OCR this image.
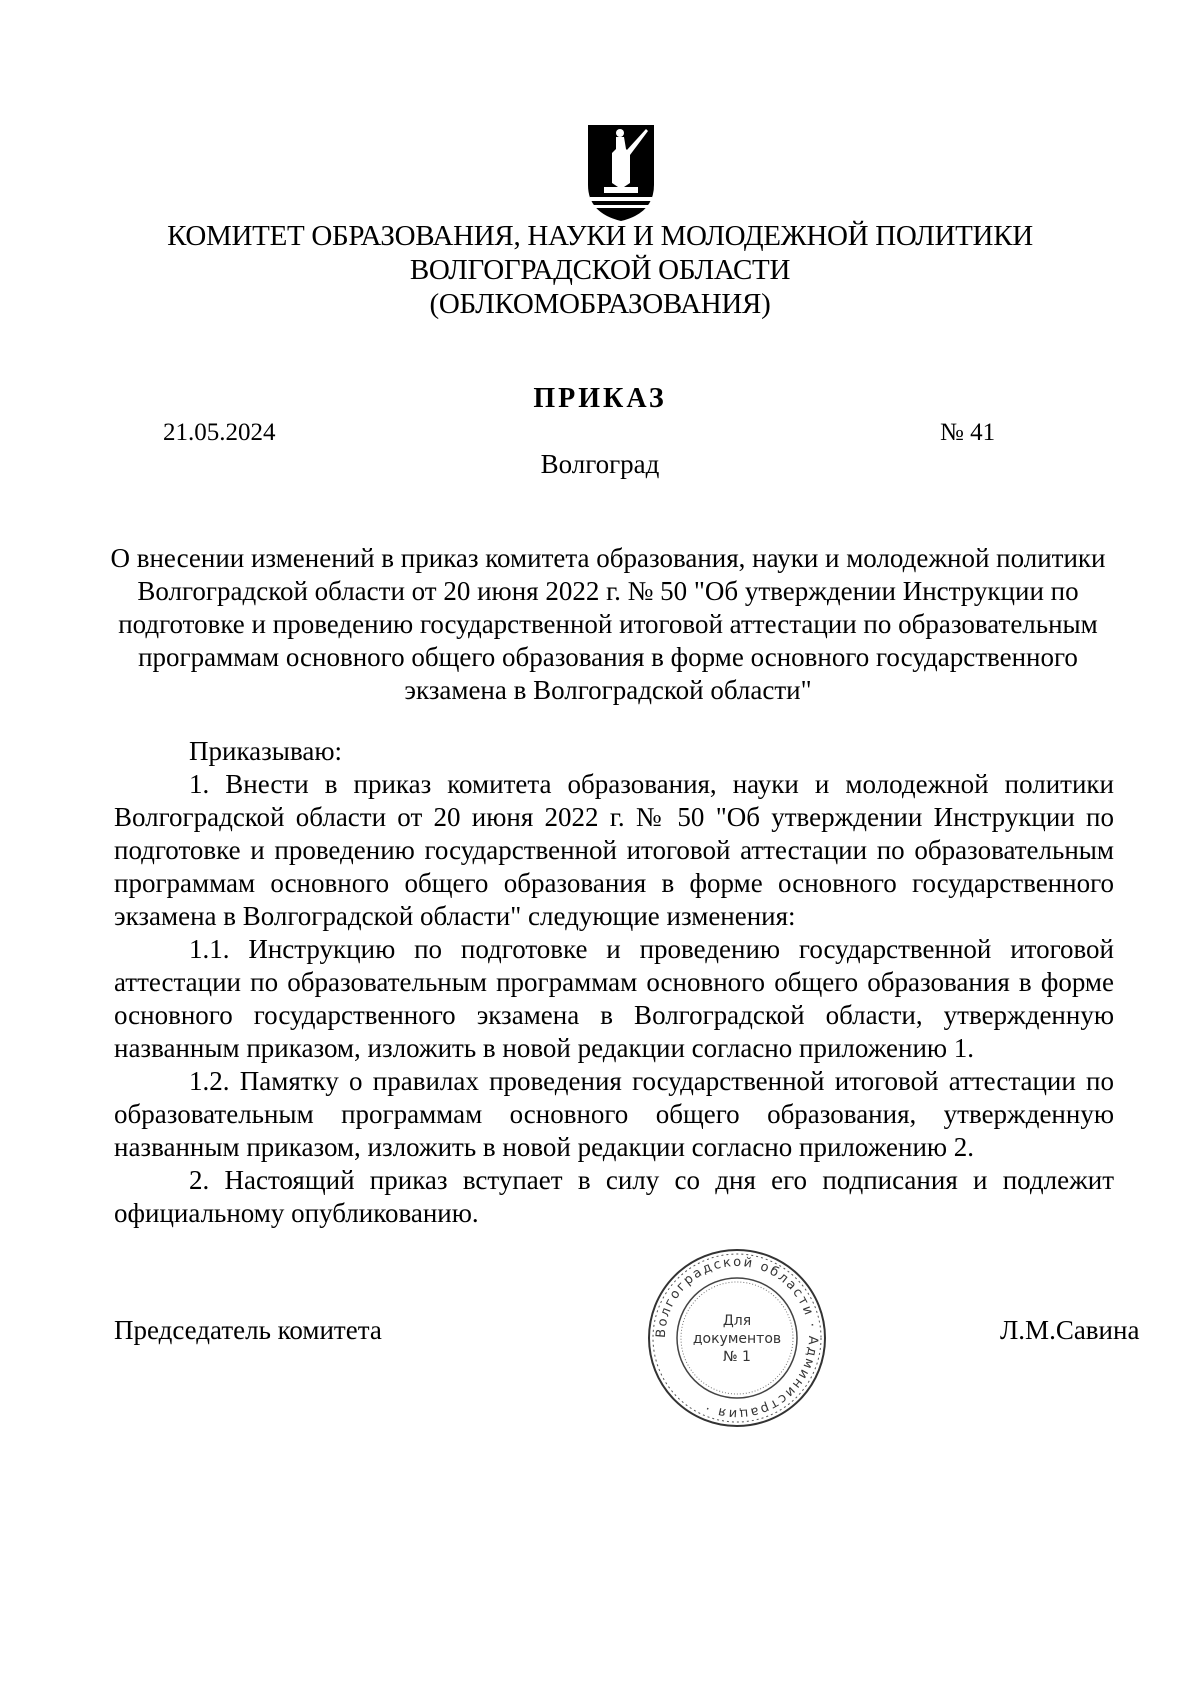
КОМИТЕТ ОБРАЗОВАНИЯ, НАУКИ И МОЛОДЕЖНОЙ ПОЛИТИКИ
ВОЛГОГРАДСКОЙ ОБЛАСТИ
(ОБЛКОМОБРАЗОВАНИЯ)
ПРИКАЗ
21.05.2024	№ 41
Волгоград
О внесении изменений в приказ комитета образования, науки и молодежной политики Волгоградской области от 20 июня 2022 г. № 50 "Об утверждении Инструкции по подготовке и проведению государственной итоговой аттестации по образовательным программам основного общего образования в форме основного государственного экзамена в Волгоградской области"

Приказываю:

1. Внести в приказ комитета образования, науки и молодежной политики Волгоградской области от 20 июня 2022 г. № 50 "Об утверждении Инструкции по подготовке и проведению государственной итоговой аттестации по образовательным программам основного общего образования в форме основного государственного экзамена в Волгоградской области" следующие изменения:

1.1. Инструкцию по подготовке и проведению государственной итоговой аттестации по образовательным программам основного общего образования в форме основного государственного экзамена в Волгоградской области, утвержденную названным приказом, изложить в новой редакции согласно приложению 1.

1.2. Памятку о правилах проведения государственной итоговой аттестации по образовательным программам основного общего образования, утвержденную названным приказом, изложить в новой редакции согласно приложению 2.

2. Настоящий приказ вступает в силу со дня его подписания и подлежит официальному опубликованию.

Председатель комитета	Л.М.Савина
Волгоградской области · Администрация ·
Для
документов
№ 1
